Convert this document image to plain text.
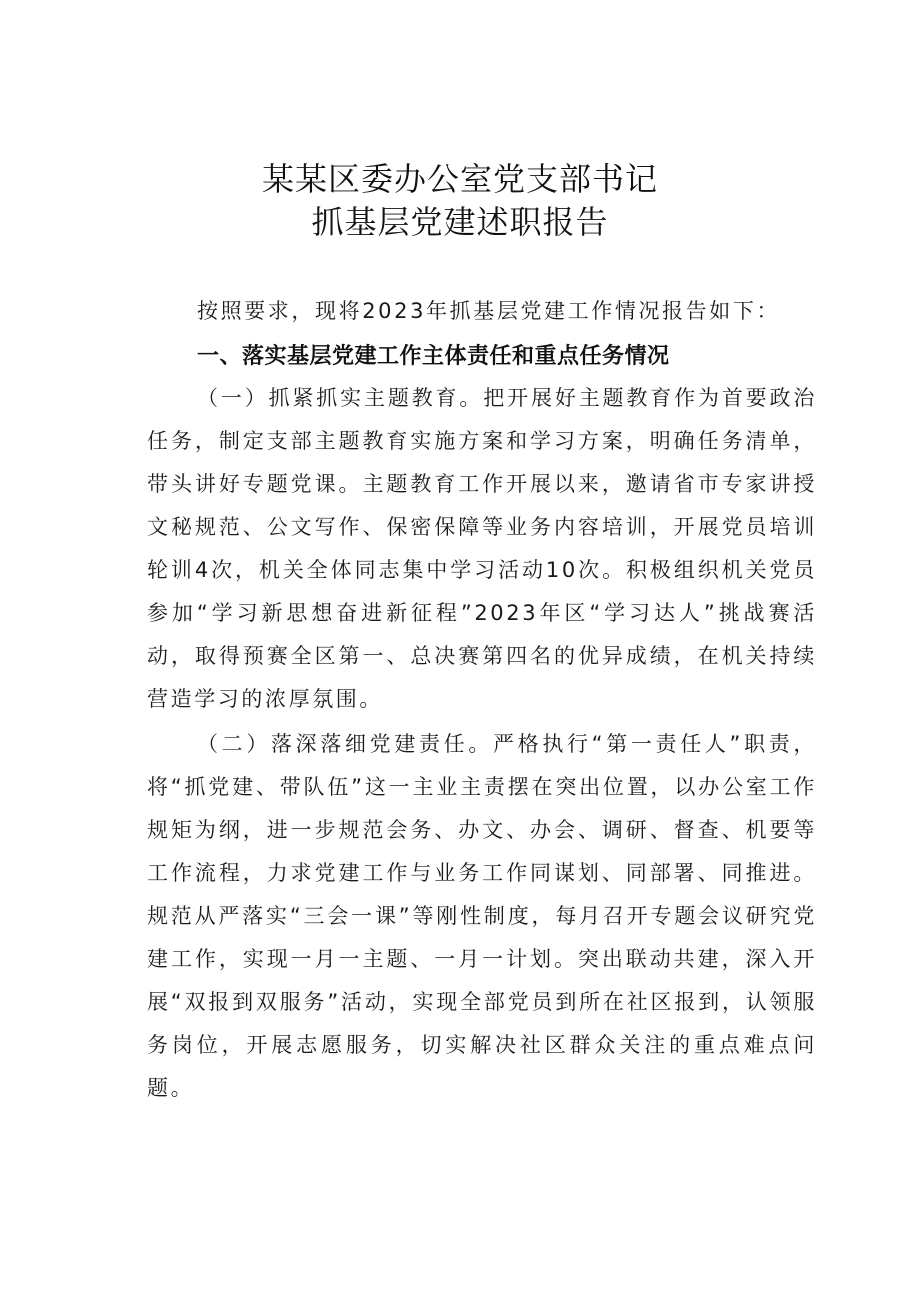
某某区委办公室党支部书记
抓基层党建述职报告
按照要求，现将2023年抓基层党建工作情况报告如下：
一、落实基层党建工作主体责任和重点任务情况
（一）抓紧抓实主题教育。把开展好主题教育作为首要政治任务，制定支部主题教育实施方案和学习方案，明确任务清单，带头讲好专题党课。主题教育工作开展以来，邀请省市专家讲授文秘规范、公文写作、保密保障等业务内容培训，开展党员培训轮训4次，机关全体同志集中学习活动10次。积极组织机关党员参加“学习新思想奋进新征程”2023年区“学习达人”挑战赛活动，取得预赛全区第一、总决赛第四名的优异成绩，在机关持续营造学习的浓厚氛围。
（二）落深落细党建责任。严格执行“第一责任人”职责，将“抓党建、带队伍”这一主业主责摆在突出位置，以办公室工作规矩为纲，进一步规范会务、办文、办会、调研、督查、机要等工作流程，力求党建工作与业务工作同谋划、同部署、同推进。规范从严落实“三会一课”等刚性制度，每月召开专题会议研究党建工作，实现一月一主题、一月一计划。突出联动共建，深入开展“双报到双服务”活动，实现全部党员到所在社区报到，认领服务岗位，开展志愿服务，切实解决社区群众关注的重点难点问题。
